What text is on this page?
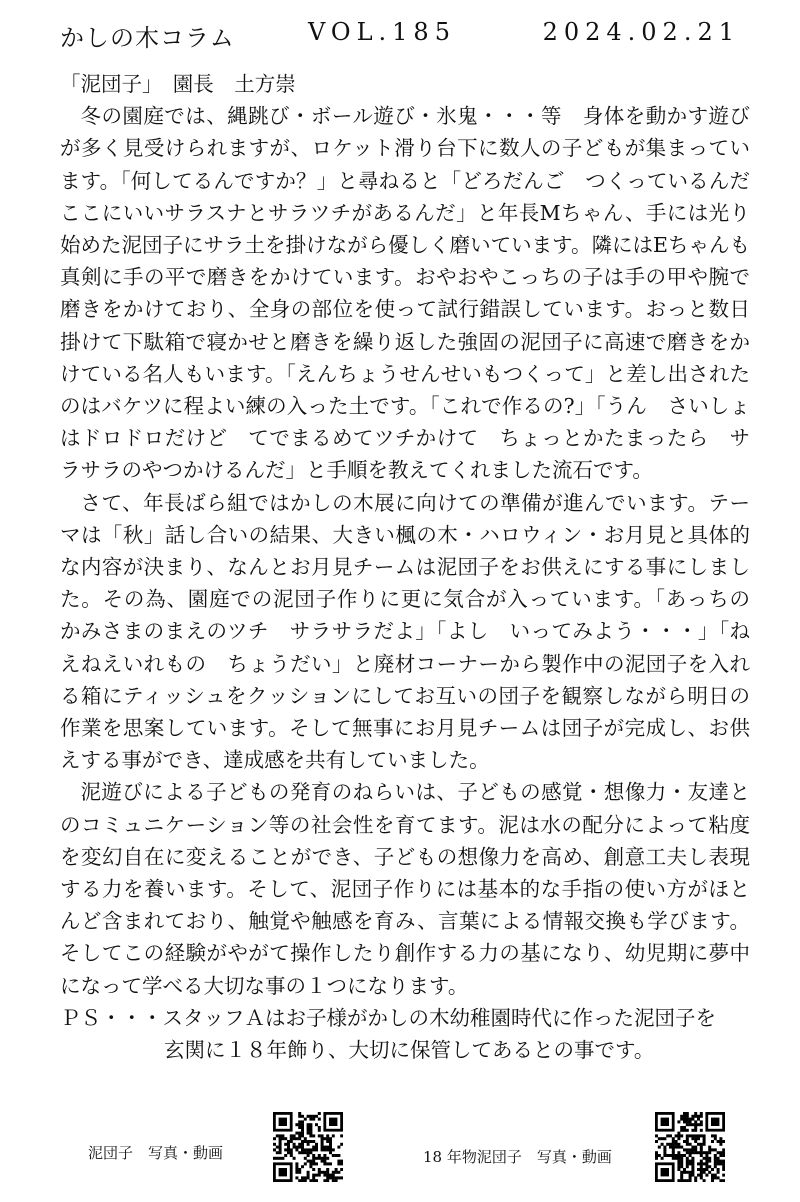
かしの木コラム	VOL.185	2024.02.21
「泥団子」　園長　土方崇

冬の園庭では、縄跳び・ボール遊び・氷鬼・・・等　身体を動かす遊びが多く見受けられますが、ロケット滑り台下に数人の子どもが集まっています。「何してるんですか？」と尋ねると「どろだんご　つくっているんだ　ここにいいサラスナとサラツチがあるんだ」と年長Mちゃん、手には光り始めた泥団子にサラ土を掛けながら優しく磨いています。隣にはEちゃんも真剣に手の平で磨きをかけています。おやおやこっちの子は手の甲や腕で磨きをかけており、全身の部位を使って試行錯誤しています。おっと数日掛けて下駄箱で寝かせと磨きを繰り返した強固の泥団子に高速で磨きをかけている名人もいます。「えんちょうせんせいもつくって」と差し出されたのはバケツに程よい練の入った土です。「これで作るの?」「うん　さいしょはドロドロだけど　てでまるめてツチかけて　ちょっとかたまったら　サラサラのやつかけるんだ」と手順を教えてくれました流石です。

さて、年長ばら組ではかしの木展に向けての準備が進んでいます。テーマは「秋」話し合いの結果、大きい楓の木・ハロウィン・お月見と具体的な内容が決まり、なんとお月見チームは泥団子をお供えにする事にしました。その為、園庭での泥団子作りに更に気合が入っています。「あっちの　かみさまのまえのツチ　サラサラだよ」「よし　いってみよう・・・」「ねえねえいれもの　ちょうだい」と廃材コーナーから製作中の泥団子を入れる箱にティッシュをクッションにしてお互いの団子を観察しながら明日の作業を思案しています。そして無事にお月見チームは団子が完成し、お供えする事ができ、達成感を共有していました。

泥遊びによる子どもの発育のねらいは、子どもの感覚・想像力・友達とのコミュニケーション等の社会性を育てます。泥は水の配分によって粘度を変幻自在に変えることができ、子どもの想像力を高め、創意工夫し表現する力を養います。そして、泥団子作りには基本的な手指の使い方がほとんど含まれており、触覚や触感を育み、言葉による情報交換も学びます。そしてこの経験がやがて操作したり創作する力の基になり、幼児期に夢中になって学べる大切な事の１つになります。

ＰＳ・・・スタッフＡはお子様がかしの木幼稚園時代に作った泥団子を
玄関に１８年飾り、大切に保管してあるとの事です。
泥団子　写真・動画	18 年物泥団子　写真・動画
